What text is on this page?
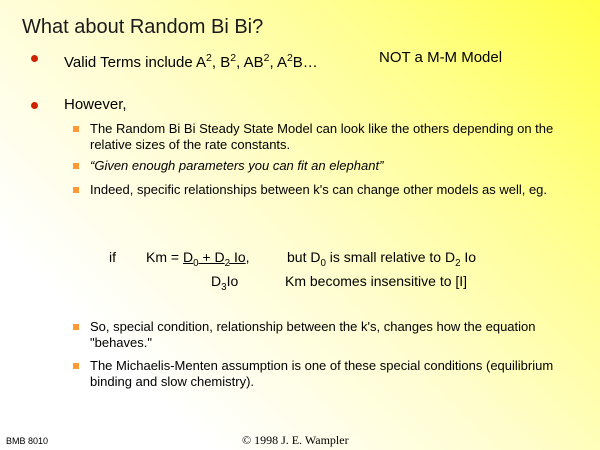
What about Random Bi Bi?
Valid Terms include $A^2$, $B^2$, $AB^2$, $A^2B\dots$	NOT a M-M Model
However,
The Random Bi Bi Steady State Model can look like the others depending on the relative sizes of the rate constants.
“Given enough parameters you can fit an elephant”
Indeed, specific relationships between k's can change other models as well, eg.
if $Km = D_0 + D_2$ Io,	but $D_0$ is small relative to $D_2$ Io
$D_3Io$	Km becomes insensitive to [I]
So, special condition, relationship between the k's, changes how the equation "behaves."
The Michaelis-Menten assumption is one of these special conditions (equilibrium binding and slow chemistry).
BMB 8010	© 1998 J. E. Wampler
